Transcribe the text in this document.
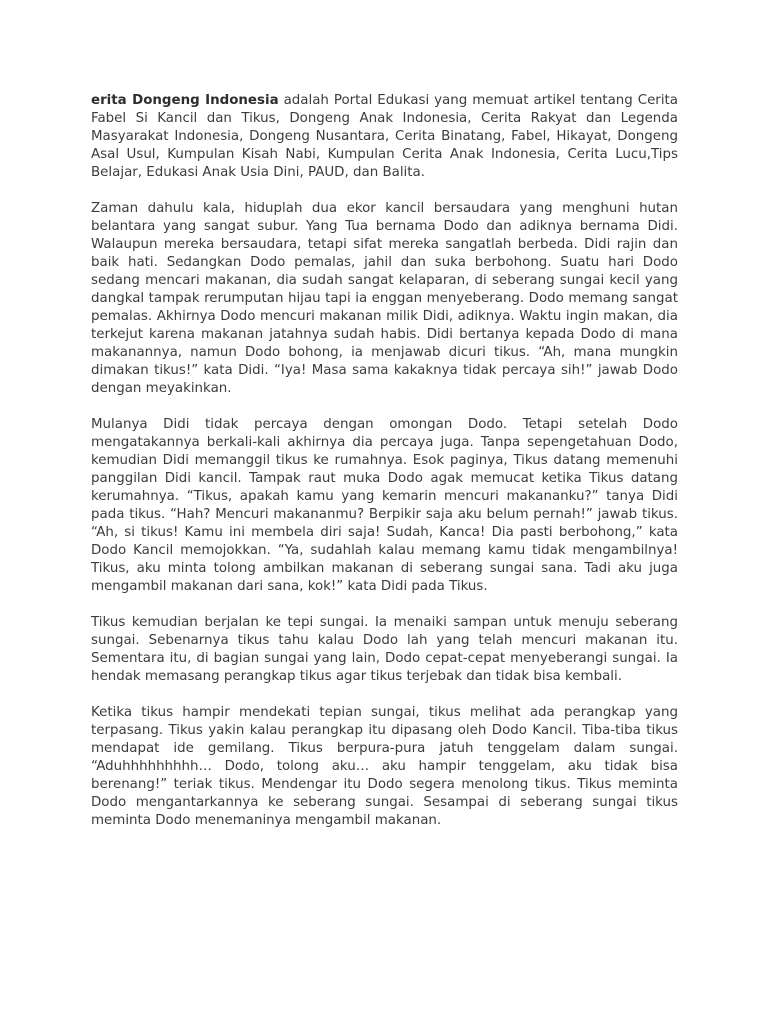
erita Dongeng Indonesia adalah Portal Edukasi yang memuat artikel tentang Cerita Fabel Si Kancil dan Tikus, Dongeng Anak Indonesia, Cerita Rakyat dan Legenda Masyarakat Indonesia, Dongeng Nusantara, Cerita Binatang, Fabel, Hikayat, Dongeng Asal Usul, Kumpulan Kisah Nabi, Kumpulan Cerita Anak Indonesia, Cerita Lucu,Tips Belajar, Edukasi Anak Usia Dini, PAUD, dan Balita.

Zaman dahulu kala, hiduplah dua ekor kancil bersaudara yang menghuni hutan belantara yang sangat subur. Yang Tua bernama Dodo dan adiknya bernama Didi. Walaupun mereka bersaudara, tetapi sifat mereka sangatlah berbeda. Didi rajin dan baik hati. Sedangkan Dodo pemalas, jahil dan suka berbohong. Suatu hari Dodo sedang mencari makanan, dia sudah sangat kelaparan, di seberang sungai kecil yang dangkal tampak rerumputan hijau tapi ia enggan menyeberang. Dodo memang sangat pemalas. Akhirnya Dodo mencuri makanan milik Didi, adiknya. Waktu ingin makan, dia terkejut karena makanan jatahnya sudah habis. Didi bertanya kepada Dodo di mana makanannya, namun Dodo bohong, ia menjawab dicuri tikus. “Ah, mana mungkin dimakan tikus!” kata Didi. “Iya! Masa sama kakaknya tidak percaya sih!” jawab Dodo dengan meyakinkan.

Mulanya Didi tidak percaya dengan omongan Dodo. Tetapi setelah Dodo mengatakannya berkali-kali akhirnya dia percaya juga. Tanpa sepengetahuan Dodo, kemudian Didi memanggil tikus ke rumahnya. Esok paginya, Tikus datang memenuhi panggilan Didi kancil. Tampak raut muka Dodo agak memucat ketika Tikus datang kerumahnya. “Tikus, apakah kamu yang kemarin mencuri makananku?” tanya Didi pada tikus. “Hah? Mencuri makananmu? Berpikir saja aku belum pernah!” jawab tikus. “Ah, si tikus! Kamu ini membela diri saja! Sudah, Kanca! Dia pasti berbohong,” kata Dodo Kancil memojokkan. “Ya, sudahlah kalau memang kamu tidak mengambilnya! Tikus, aku minta tolong ambilkan makanan di seberang sungai sana. Tadi aku juga mengambil makanan dari sana, kok!” kata Didi pada Tikus.

Tikus kemudian berjalan ke tepi sungai. Ia menaiki sampan untuk menuju seberang sungai. Sebenarnya tikus tahu kalau Dodo lah yang telah mencuri makanan itu. Sementara itu, di bagian sungai yang lain, Dodo cepat-cepat menyeberangi sungai. Ia hendak memasang perangkap tikus agar tikus terjebak dan tidak bisa kembali.

Ketika tikus hampir mendekati tepian sungai, tikus melihat ada perangkap yang terpasang. Tikus yakin kalau perangkap itu dipasang oleh Dodo Kancil. Tiba-tiba tikus mendapat ide gemilang. Tikus berpura-pura jatuh tenggelam dalam sungai. “Aduhhhhhhhhh… Dodo, tolong aku… aku hampir tenggelam, aku tidak bisa berenang!” teriak tikus. Mendengar itu Dodo segera menolong tikus. Tikus meminta Dodo mengantarkannya ke seberang sungai. Sesampai di seberang sungai tikus meminta Dodo menemaninya mengambil makanan.
